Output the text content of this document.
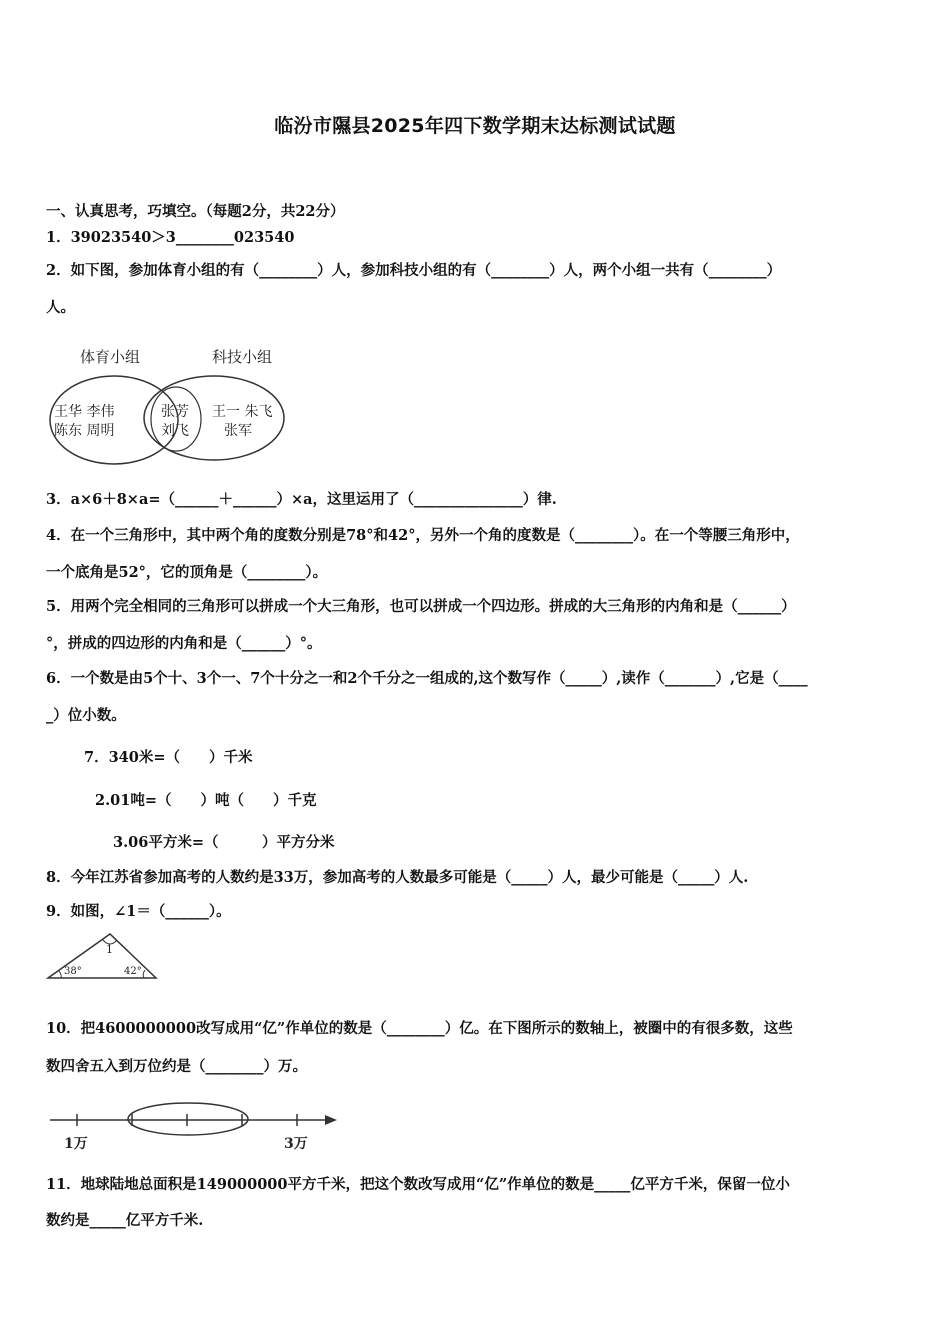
临汾市隰县2025年四下数学期末达标测试试题
一、认真思考，巧填空。（每题2分，共22分）
1．39023540＞3________023540
2．如下图，参加体育小组的有（________）人，参加科技小组的有（________）人，两个小组一共有（________）
人。
体育小组	科技小组
王华 李伟
陈东 周明
张芳
刘飞
王一 朱飞
张军
3．a×6＋8×a=（______＋______）×a，这里运用了（_______________）律.
4．在一个三角形中，其中两个角的度数分别是78°和42°，另外一个角的度数是（________）。在一个等腰三角形中，
一个底角是52°，它的顶角是（________）。
5．用两个完全相同的三角形可以拼成一个大三角形，也可以拼成一个四边形。拼成的大三角形的内角和是（______）
°，拼成的四边形的内角和是（______）°。
6．一个数是由5个十、3个一、7个十分之一和2个千分之一组成的,这个数写作（_____）,读作（_______）,它是（____
_）位小数。
7．340米=（　　）千米
2.01吨=（　　）吨（　　）千克
3.06平方米=（　　　）平方分米
8．今年江苏省参加高考的人数约是33万，参加高考的人数最多可能是（_____）人，最少可能是（_____）人.
9．如图，∠1＝（______）。
1
38°	42°
10．把4600000000改写成用“亿”作单位的数是（________）亿。在下图所示的数轴上，被圈中的有很多数，这些
数四舍五入到万位约是（________）万。
1万	3万
11．地球陆地总面积是149000000平方千米，把这个数改写成用“亿”作单位的数是_____亿平方千米，保留一位小
数约是_____亿平方千米.
